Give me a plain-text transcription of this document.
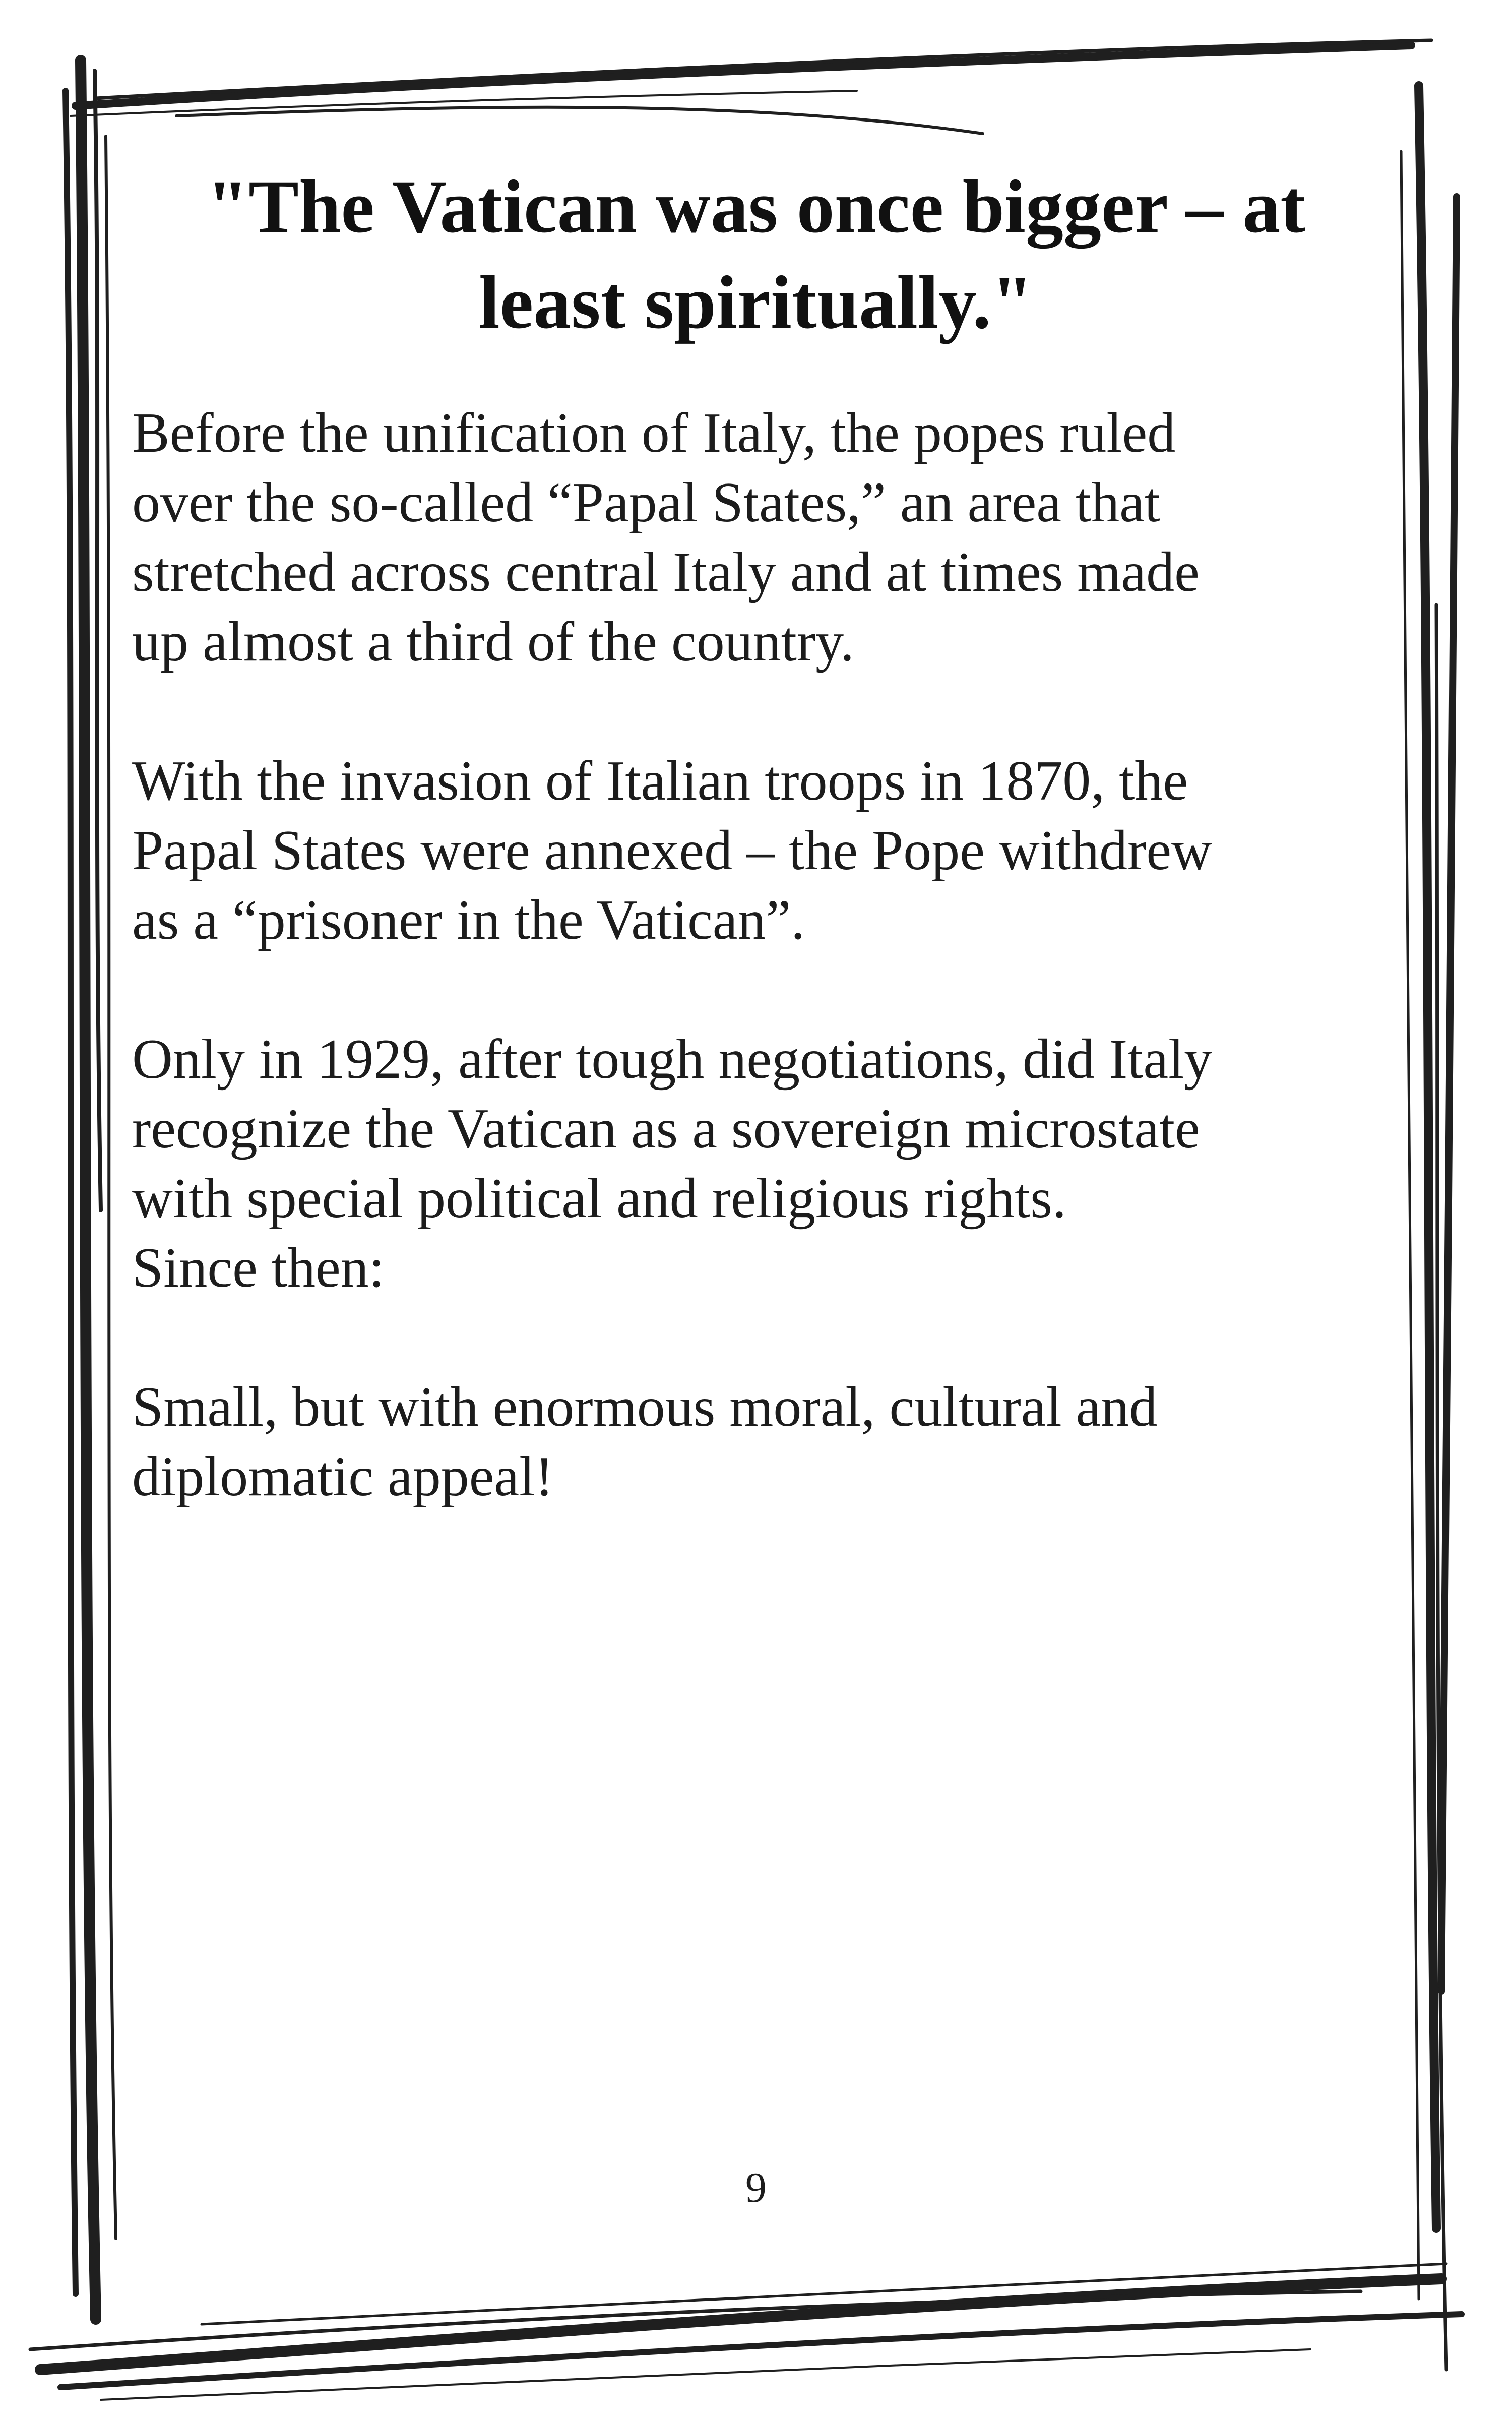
"The Vatican was once bigger – at
least spiritually."

Before the unification of Italy, the popes ruled
over the so-called “Papal States,” an area that
stretched across central Italy and at times made
up almost a third of the country.

With the invasion of Italian troops in 1870, the
Papal States were annexed – the Pope withdrew
as a “prisoner in the Vatican”.

Only in 1929, after tough negotiations, did Italy
recognize the Vatican as a sovereign microstate
with special political and religious rights.
Since then:

Small, but with enormous moral, cultural and
diplomatic appeal!

9
